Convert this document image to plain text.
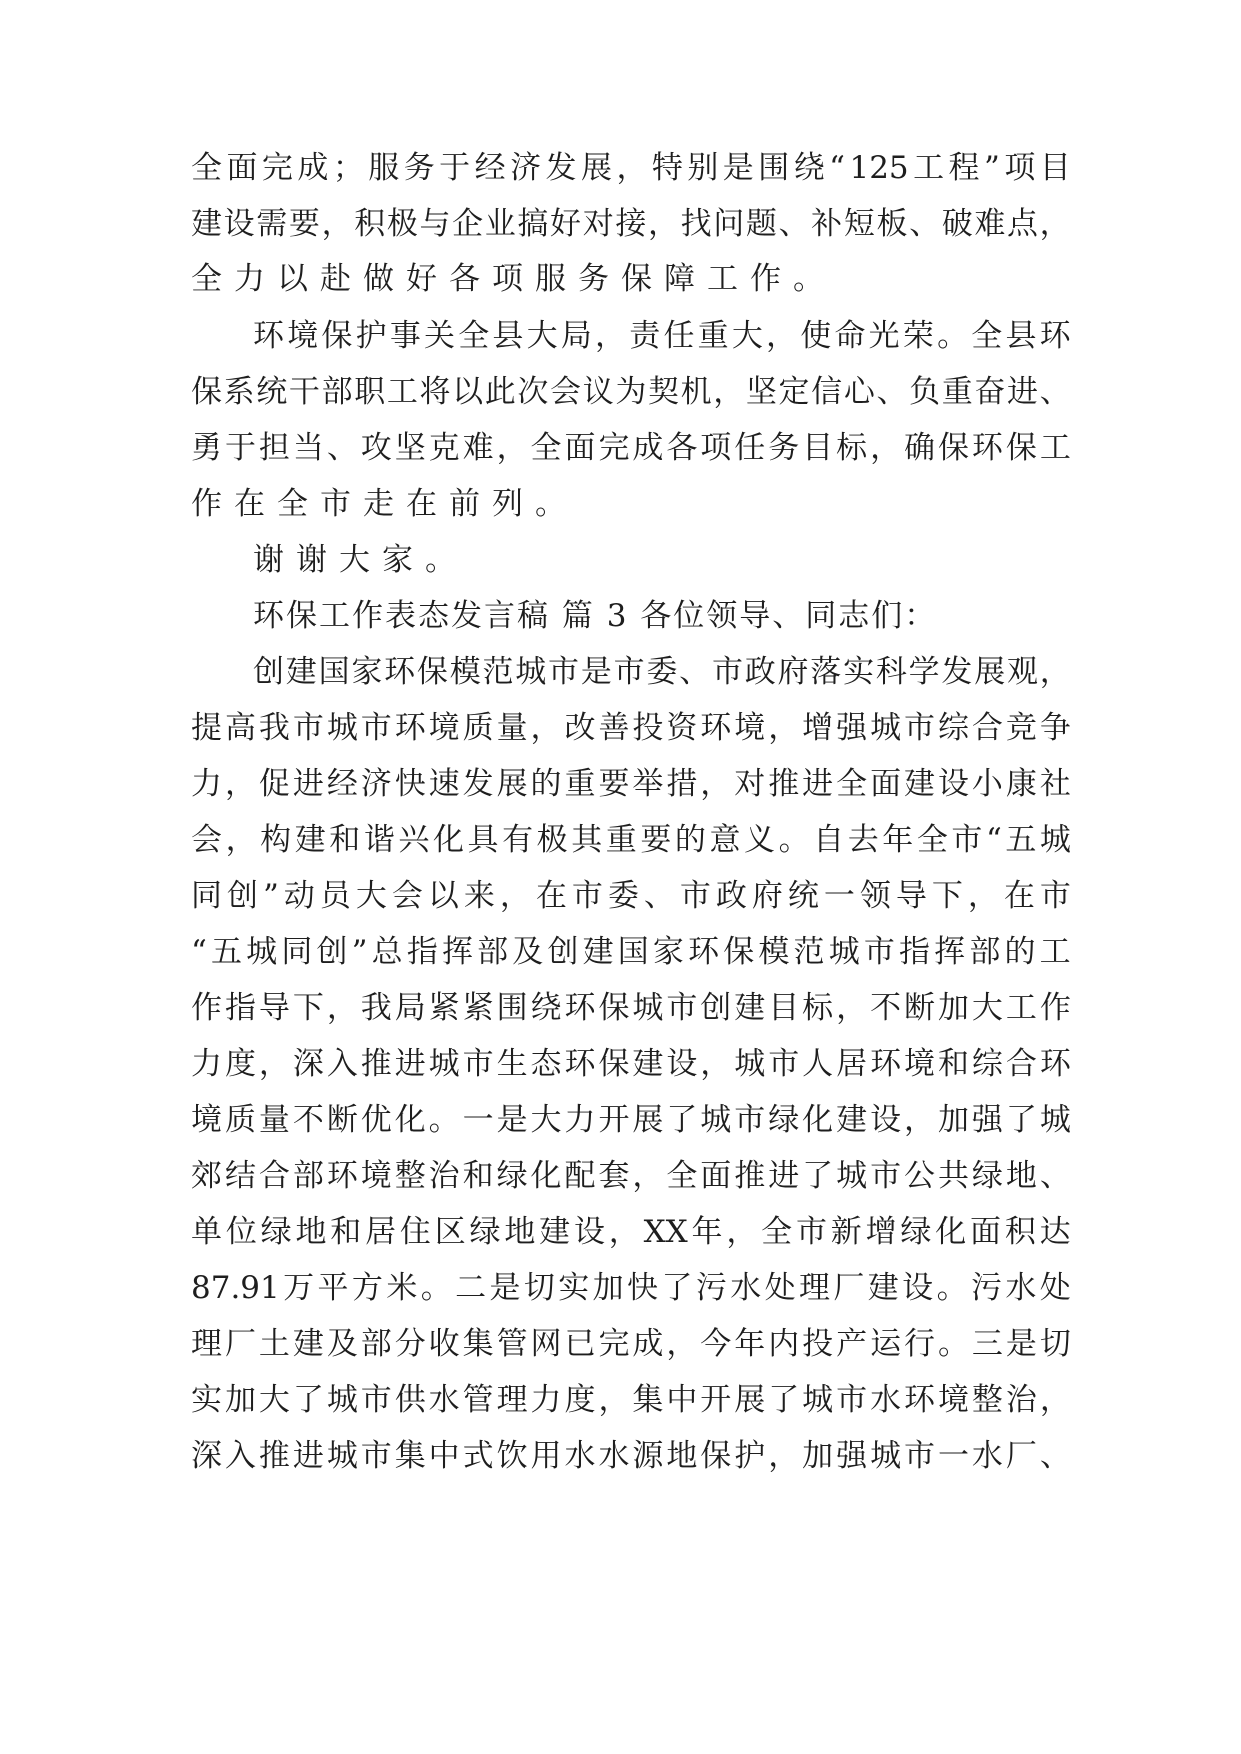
全 面 完 成 ； 服 务 于 经 济 发 展 ， 特 别 是 围 绕 “ 125 工 程 ” 项 目
建 设 需 要 ， 积 极 与 企 业 搞 好 对 接 ， 找 问 题 、 补 短 板 、 破 难 点 ，
全力以赴做好各项服务保障工作。
环 境 保 护 事 关 全 县 大 局 ， 责 任 重 大 ， 使 命 光 荣 。 全 县 环
保 系 统 干 部 职 工 将 以 此 次 会 议 为 契 机 ， 坚 定 信 心 、 负 重 奋 进 、
勇 于 担 当 、 攻 坚 克 难 ， 全 面 完 成 各 项 任 务 目 标 ， 确 保 环 保 工
作在全市走在前列。
谢谢大家。
环保工作表态发言稿 篇 3 各位领导、同志们：
创 建 国 家 环 保 模 范 城 市 是 市 委 、 市 政 府 落 实 科 学 发 展 观 ，
提 高 我 市 城 市 环 境 质 量 ， 改 善 投 资 环 境 ， 增 强 城 市 综 合 竞 争
力 ， 促 进 经 济 快 速 发 展 的 重 要 举 措 ， 对 推 进 全 面 建 设 小 康 社
会 ， 构 建 和 谐 兴 化 具 有 极 其 重 要 的 意 义 。 自 去 年 全 市 “ 五 城
同 创 ” 动 员 大 会 以 来 ， 在 市 委 、 市 政 府 统 一 领 导 下 ， 在 市
“ 五 城 同 创 ” 总 指 挥 部 及 创 建 国 家 环 保 模 范 城 市 指 挥 部 的 工
作 指 导 下 ， 我 局 紧 紧 围 绕 环 保 城 市 创 建 目 标 ， 不 断 加 大 工 作
力 度 ， 深 入 推 进 城 市 生 态 环 保 建 设 ， 城 市 人 居 环 境 和 综 合 环
境 质 量 不 断 优 化 。 一 是 大 力 开 展 了 城 市 绿 化 建 设 ， 加 强 了 城
郊 结 合 部 环 境 整 治 和 绿 化 配 套 ， 全 面 推 进 了 城 市 公 共 绿 地 、
单 位 绿 地 和 居 住 区 绿 地 建 设 ， XX 年 ， 全 市 新 增 绿 化 面 积 达
87.91 万 平 方 米 。 二 是 切 实 加 快 了 污 水 处 理 厂 建 设 。 污 水 处
理 厂 土 建 及 部 分 收 集 管 网 已 完 成 ， 今 年 内 投 产 运 行 。 三 是 切
实 加 大 了 城 市 供 水 管 理 力 度 ， 集 中 开 展 了 城 市 水 环 境 整 治 ，
深 入 推 进 城 市 集 中 式 饮 用 水 水 源 地 保 护 ， 加 强 城 市 一 水 厂 、
